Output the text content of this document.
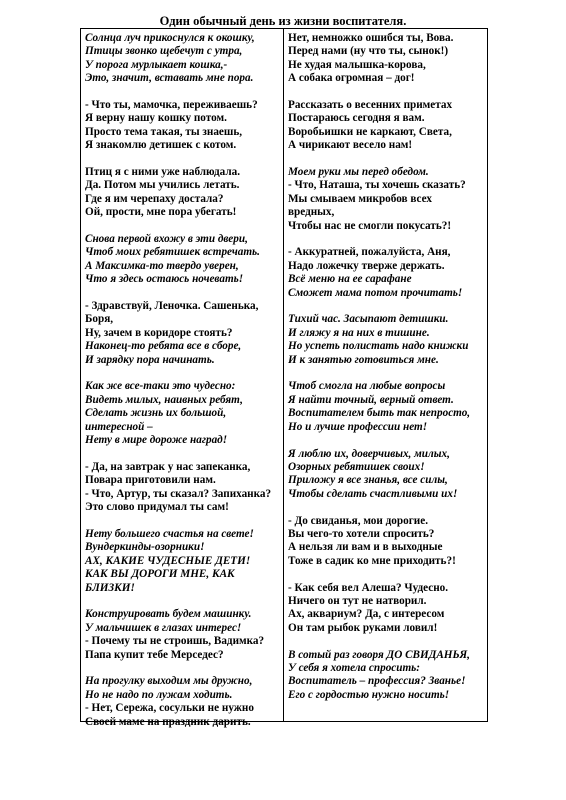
Один обычный день из жизни воспитателя.
Солнца луч прикоснулся к окошку,
Птицы звонко щебечут с утра,
У порога мурлыкает кошка,-
Это, значит, вставать мне пора.
- Что ты, мамочка, переживаешь?
Я верну нашу кошку потом.
Просто тема такая, ты знаешь,
Я знакомлю детишек с котом.
Птиц я с ними уже наблюдала.
Да. Потом мы учились летать.
Где я им черепаху достала?
Ой, прости, мне пора убегать!
Снова первой вхожу в эти двери,
Чтоб моих ребятишек встречать.
А Максимка-то твердо уверен,
Что я здесь остаюсь ночевать!
- Здравствуй, Леночка. Сашенька,
Боря,
Ну, зачем в коридоре стоять?
Наконец-то ребята все в сборе,
И зарядку пора начинать.
Как же все-таки это чудесно:
Видеть милых, наивных ребят,
Сделать жизнь их большой,
интересной –
Нету в мире дороже наград!
- Да, на завтрак у нас запеканка,
Повара приготовили нам.
- Что, Артур, ты сказал? Запиханка?
Это слово придумал ты сам!
Нету большего счастья на свете!
Вундеркинды-озорники!
АХ, КАКИЕ ЧУДЕСНЫЕ ДЕТИ!
КАК ВЫ ДОРОГИ МНЕ, КАК
БЛИЗКИ!
Конструировать будем машинку.
У мальчишек в глазах интерес!
- Почему ты не строишь, Вадимка?
Папа купит тебе Мерседес?
На прогулку выходим мы дружно,
Но не надо по лужам ходить.
- Нет, Сережа, сосульки не нужно
Своей маме на праздник дарить.
Нет, немножко ошибся ты, Вова.
Перед нами (ну что ты, сынок!)
Не худая малышка-корова,
А собака огромная – дог!
Рассказать о весенних приметах
Постараюсь сегодня я вам.
Воробьишки не каркают, Света,
А чирикают весело нам!
Моем руки мы перед обедом.
- Что, Наташа, ты хочешь сказать?
Мы смываем микробов всех
вредных,
Чтобы нас не смогли покусать?!
- Аккуратней, пожалуйста, Аня,
Надо ложечку тверже держать.
Всё меню на ее сарафане
Сможет мама потом прочитать!
Тихий час. Засыпают детишки.
И гляжу я на них в тишине.
Но успеть полистать надо книжки
И к занятью готовиться мне.
Чтоб смогла на любые вопросы
Я найти точный, верный ответ.
Воспитателем быть так непросто,
Но и лучше профессии нет!
Я люблю их, доверчивых, милых,
Озорных ребятишек своих!
Приложу я все знанья, все силы,
Чтобы сделать счастливыми их!
- До свиданья, мои дорогие.
Вы чего-то хотели спросить?
А нельзя ли вам и в выходные
Тоже в садик ко мне приходить?!
- Как себя вел Алеша? Чудесно.
Ничего он тут не натворил.
Ах, аквариум? Да, с интересом
Он там рыбок руками ловил!
В сотый раз говоря ДО СВИДАНЬЯ,
У себя я хотела спросить:
Воспитатель – профессия? Званье!
Его с гордостью нужно носить!
